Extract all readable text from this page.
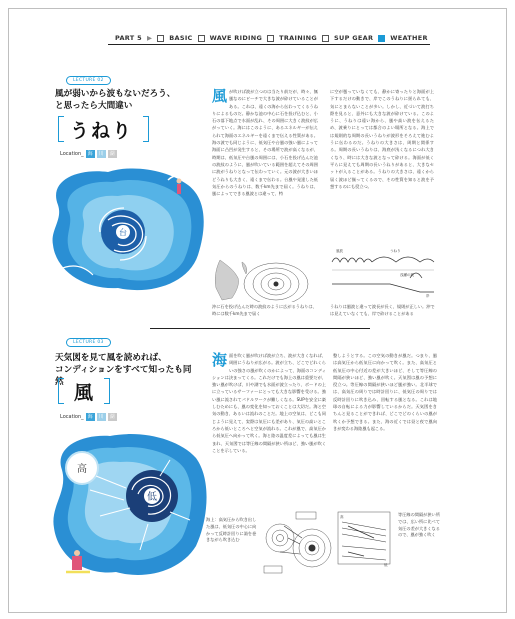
PART 5 ▶	BASIC	WAVE RIDING	TRAINING	SUP GEAR	WEATHER
LECTURE 02
風が弱いから波もないだろう、
と思ったら大間違い
うねり
Location_ 海	川	湖
台
風が吹けば波が立つのは当たり前だが、時々、無風なのにビーチで大きな波が砕けていることがある。これは、遠くの海から伝わってくるうねりによるものだ。静かな池の中心に石を投げ込むと、小石の落下地点で水面が乱れ、その周囲に大きく波紋が広がっていく。海にはこのように、あるエネルギーが伝えられて海面のエネルギーを遠くまで伝える性質がある。海の波でも同じように、低気圧や台風の強い風によって海面に凸凹が発生すると、その場所で波が高くなるが、時期は、低気圧や台風の周囲には、小石を投げ込んだ池の波紋のように、風が吹いている範囲を超えてその周囲に波がうねりとなって伝わっていく。元の波が大きいほどうねりも大きく、遠くまで伝わる。台風や発達した低気圧からのうねりは、数千km先まで届く。うねりは、風によってできる風波とは違って、特
に空が曇っていなくても、静かに寄ったりと海面が上下するだけの動きで、岸でこのうねりに揺られても、気にとまらないことが多い。しかし、近づいて波打ち際を見ると、意外にも大きな波が砕けている。このように、うねりは遠い海から、風や高い波を伝えるため、波乗りにとっては都合のよい場所となる。海上では規則的な周期の長いうねりが波形をそろえて進むように伝わるのだ。うねりの大きさは、周期と関係する。周期の長いうねりは、海底が浅くなるにつれ大きくなり、時には大きな波となって砕ける。海面が低く平らに見えても周期の長いうねりがあると、大きなセットが入ることがある。うねりの大きさは、遠くから届く波ほど揃ってくるので、その性質を知ると波を予想するのにも役立つ。
沖に石を投げ込んだ時の波紋のように広がるうねりは、時には数千km先まで届く
風波	うねり
浅瀬の波
岸
うねりは風波と違って波長が長く、規則が正しい。沖では見えていなくても、岸で砕けることがある
LECTURE 03
天気図を見て風を読めれば、
コンディションをすべて知ったも同然 風
Location_ 海	川	湖
高
低
海面を吹く風が吹けば波が立ち、波が大きくなれば、周囲にうねりが広がる。波が立ち、どこでどれくらいの強さの風が吹くのかによって、海面のコンディションは決まってくる。これだけでも海上の風は重要だが、強い風が吹けば、川や湖でも水面が波立ったり、ボードの上に立っているサーファーにとっても大きな影響を受ける。強い風に流されてパドルワークが難しくなる。SUPを安全に楽しむためにも、風の変化を知っておくことは大切だ。海と空気の動き、あるいは流れのことだ。地上の空気は、どこも同じように見えて、実際は気圧にも差があり、気圧の高いところから低いところへと空気が流れる。これが風で、高気圧から低気圧へ向かって吹く。海と陸の温度差によっても風は生まれ、天気図では等圧線の間隔が狭い所ほど、強い風が吹くことを示している。
整しようとする。この空気の動きが風だ。つまり、風は高気圧から低気圧に向かって吹く。また、高気圧と低気圧の中心付近の差が大きいほど、そして等圧線の間隔が狭いほど、強い風が吹く。天気図は風の予想に役立つ。等圧線の間隔が狭いほど風が強い。北半球では、高気圧の周りでは時計回りに、低気圧の周りでは反時計回りに吹き込み、回転する風となる。これは地球の自転による力が影響しているからだ。天気図をきちんと見ることができれば、どこでどのくらいの風が吹くか予想できる。また、海の近くでは昼と夜で風向きが変わる海陸風も起こる。
海上：高気圧から吹き出した風は、低気圧の中心に向かって反時計回りに渦を巻きながら吹き込む
高
低
等圧線の間隔が狭い所では、広い所に比べて気圧の差が大きくなるので、風が強く吹く
